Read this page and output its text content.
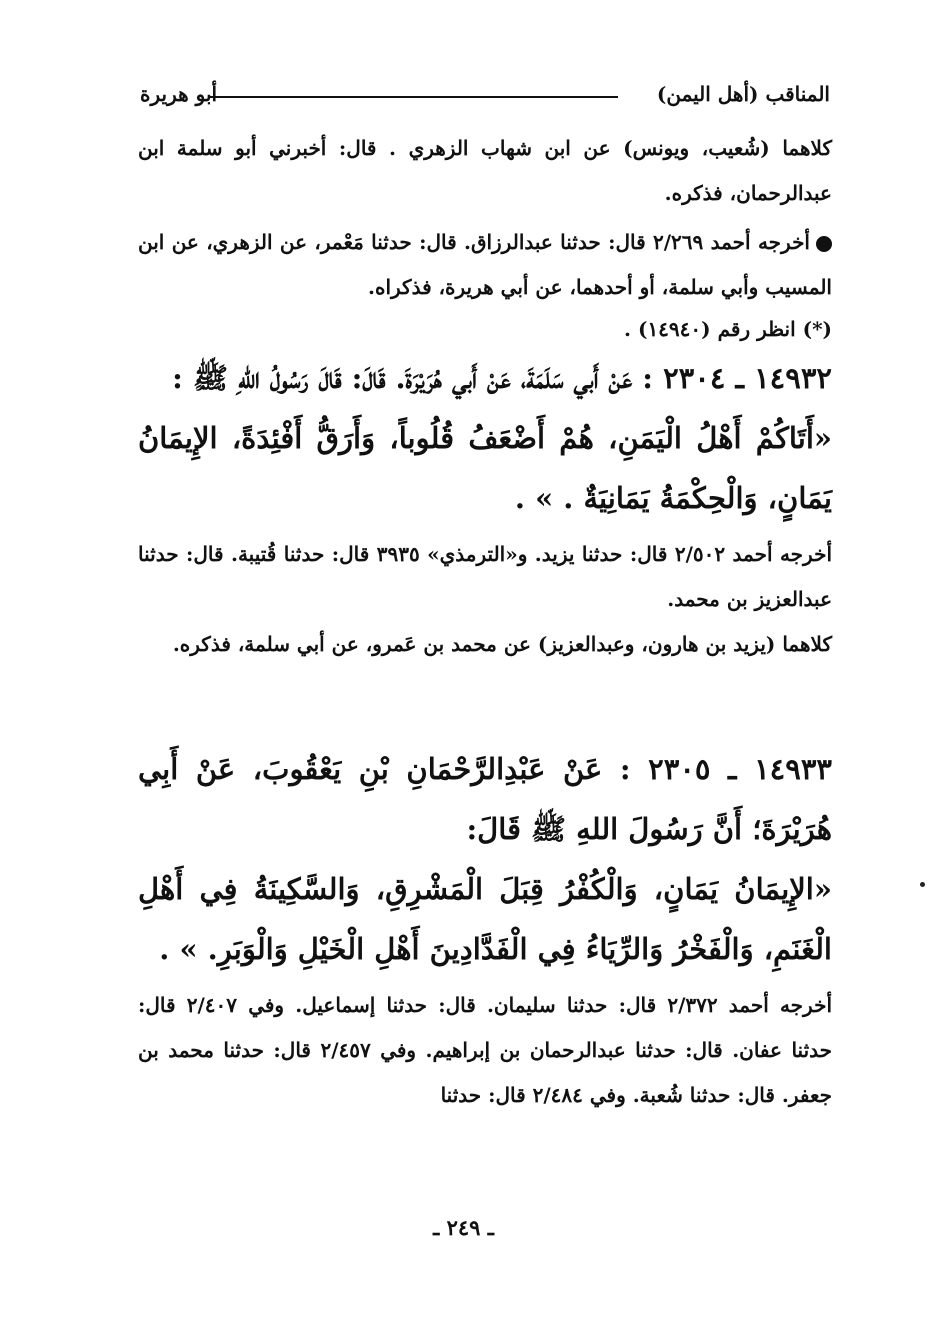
المناقب (أهل اليمن)
أبو هريرة

كلاهما (شُعيب، ويونس) عن ابن شهاب الزهري . قال: أخبرني أبو سلمة ابن عبدالرحمان، فذكره.

أخرجه أحمد ٢/٢٦٩ قال: حدثنا عبدالرزاق. قال: حدثنا مَعْمر، عن الزهري، عن ابن المسيب وأبي سلمة، أو أحدهما، عن أبي هريرة، فذكراه.

(*) انظر رقم (١٤٩٤٠) .

١٤٩٣٢ ـ ٢٣٠٤ : عَنْ أَبي سَلَمَةَ، عَنْ أَبي هُرَيْرَةَ. قَالَ: قَالَ رَسُولُ اللهِ ﷺ :

«أَتَاكُمْ أَهْلُ الْيَمَنِ، هُمْ أَضْعَفُ قُلُوباً، وَأَرَقُّ أَفْئِدَةً، الإِيمَانُ يَمَانٍ، وَالْحِكْمَةُ يَمَانِيَةٌ . » .

أخرجه أحمد ٢/٥٠٢ قال: حدثنا يزيد. و«الترمذي» ٣٩٣٥ قال: حدثنا قُتيبة. قال: حدثنا عبدالعزيز بن محمد.

كلاهما (يزيد بن هارون، وعبدالعزيز) عن محمد بن عَمرو، عن أبي سلمة، فذكره.

١٤٩٣٣ ـ ٢٣٠٥ : عَنْ عَبْدِالرَّحْمَانِ بْنِ يَعْقُوبَ، عَنْ أَبِي هُرَيْرَةَ؛ أَنَّ رَسُولَ اللهِ ﷺ قَالَ:

«الإِيمَانُ يَمَانٍ، وَالْكُفْرُ قِبَلَ الْمَشْرِقِ، وَالسَّكِينَةُ فِي أَهْلِ الْغَنَمِ، وَالْفَخْرُ وَالرِّيَاءُ فِي الْفَدَّادِينَ أَهْلِ الْخَيْلِ وَالْوَبَرِ. » .

أخرجه أحمد ٢/٣٧٢ قال: حدثنا سليمان. قال: حدثنا إسماعيل. وفي ٢/٤٠٧ قال: حدثنا عفان. قال: حدثنا عبدالرحمان بن إبراهيم. وفي ٢/٤٥٧ قال: حدثنا محمد بن جعفر. قال: حدثنا شُعبة. وفي ٢/٤٨٤ قال: حدثنا

ـ ٢٤٩ ـ
